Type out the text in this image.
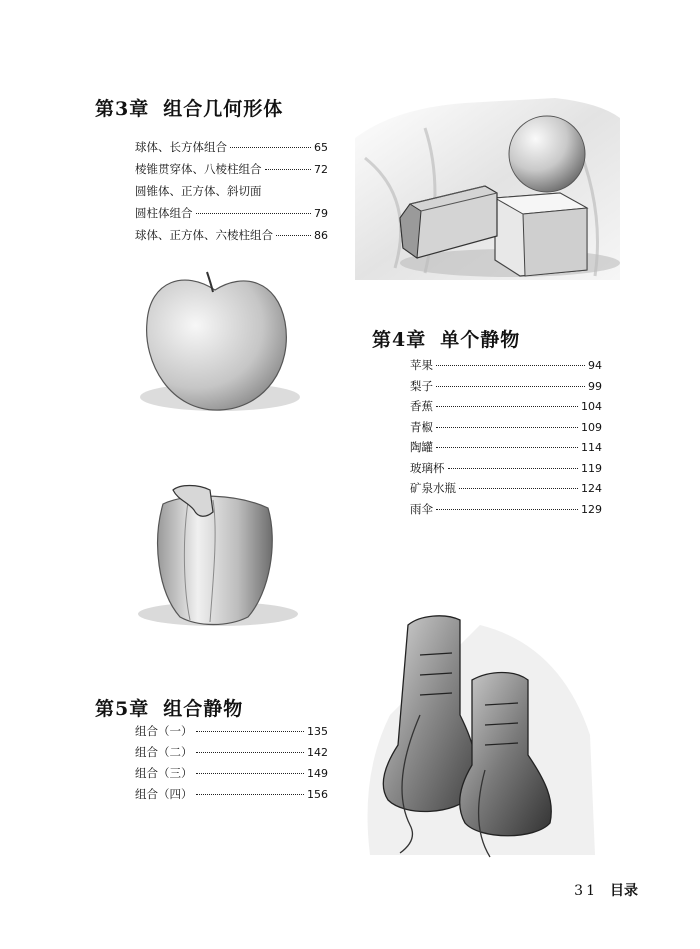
第3章 组合几何形体
球体、长方体组合	65
棱锥贯穿体、八棱柱组合	72
圆锥体、正方体、斜切面
圆柱体组合	79
球体、正方体、六棱柱组合	86
第4章 单个静物
苹果	94
梨子	99
香蕉	104
青椒	109
陶罐	114
玻璃杯	119
矿泉水瓶	124
雨伞	129
第5章 组合静物
组合（一）	135
组合（二）	142
组合（三）	149
组合（四）	156
31 目录
